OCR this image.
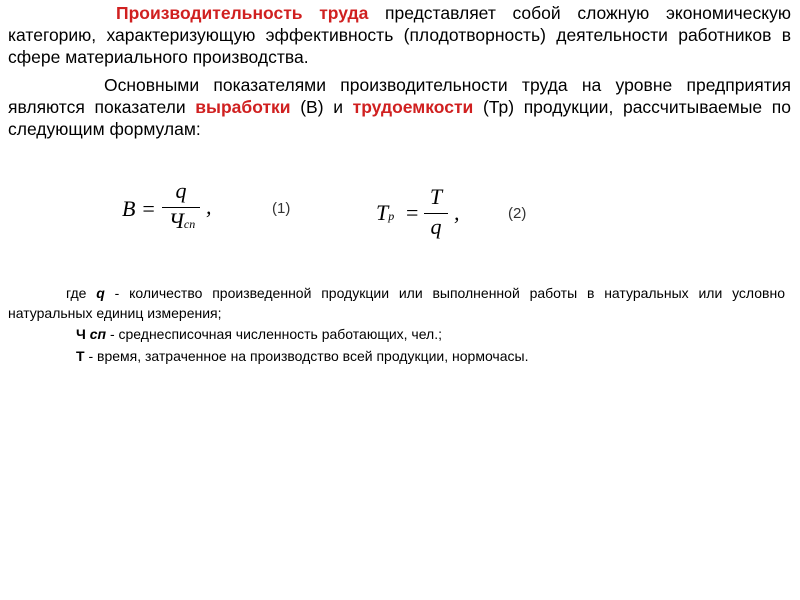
Производительность труда представляет собой сложную экономическую категорию, характеризующую эффективность (плодотворность) деятельности работников в сфере материального производства.

Основными показателями производительности труда на уровне предприятия являются показатели выработки (В) и трудоемкости (Тр) продукции, рассчитываемые по следующим формулам:

В =
q
Чсп
,	(1)	Тр =
Т
q
,	(2)

где q - количество произведенной продукции или выполненной работы в натуральных или условно натуральных единиц измерения;

Ч сп - среднесписочная численность работающих, чел.;

Т - время, затраченное на производство всей продукции, нормочасы.
